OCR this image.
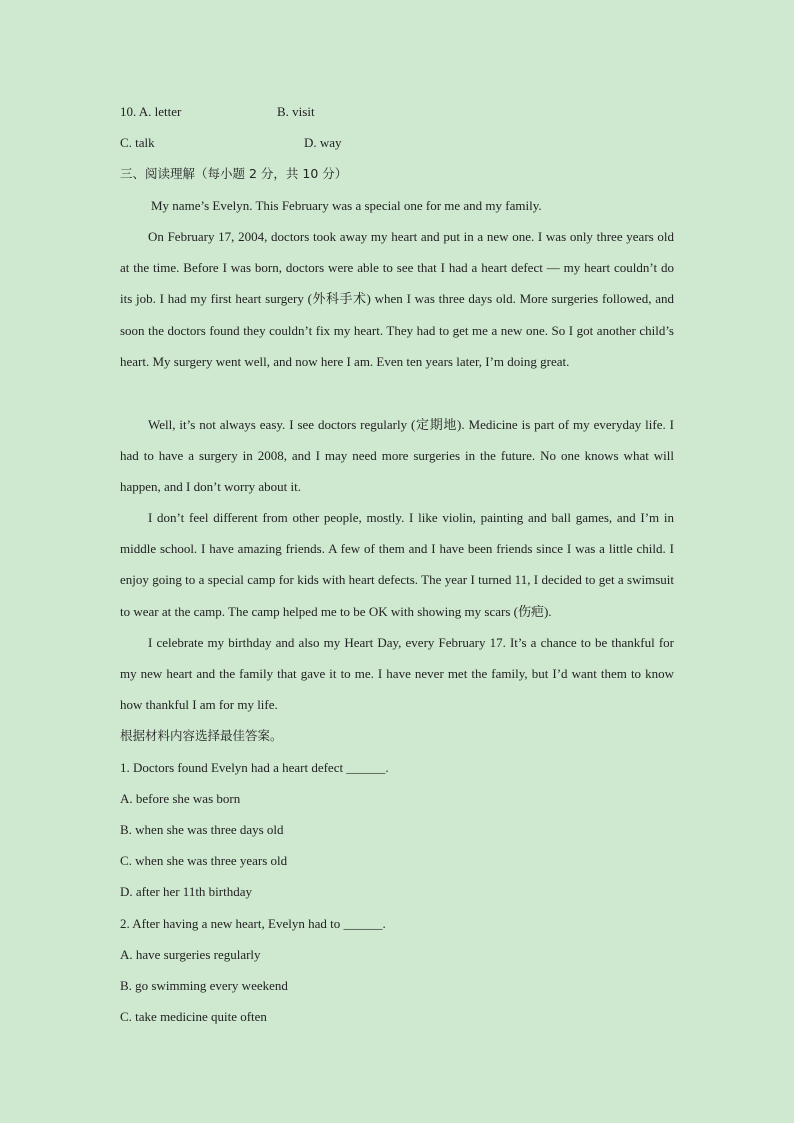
10. A. letter	B. visit
C. talk	D. way
三、阅读理解（每小题 2 分，共 10 分）

My name’s Evelyn. This February was a special one for me and my family.

On February 17, 2004, doctors took away my heart and put in a new one. I was only three years old at the time. Before I was born, doctors were able to see that I had a heart defect — my heart couldn’t do its job. I had my first heart surgery (外科手术) when I was three days old. More surgeries followed, and soon the doctors found they couldn’t fix my heart. They had to get me a new one. So I got another child’s heart. My surgery went well, and now here I am. Even ten years later, I’m doing great.

Well, it’s not always easy. I see doctors regularly (定期地). Medicine is part of my everyday life. I had to have a surgery in 2008, and I may need more surgeries in the future. No one knows what will happen, and I don’t worry about it.

I don’t feel different from other people, mostly. I like violin, painting and ball games, and I’m in middle school. I have amazing friends. A few of them and I have been friends since I was a little child. I enjoy going to a special camp for kids with heart defects. The year I turned 11, I decided to get a swimsuit to wear at the camp. The camp helped me to be OK with showing my scars (伤疤).

I celebrate my birthday and also my Heart Day, every February 17. It’s a chance to be thankful for my new heart and the family that gave it to me. I have never met the family, but I’d want them to know how thankful I am for my life.

根据材料内容选择最佳答案。
1. Doctors found Evelyn had a heart defect ______.
A. before she was born
B. when she was three days old
C. when she was three years old
D. after her 11th birthday
2. After having a new heart, Evelyn had to ______.
A. have surgeries regularly
B. go swimming every weekend
C. take medicine quite often
